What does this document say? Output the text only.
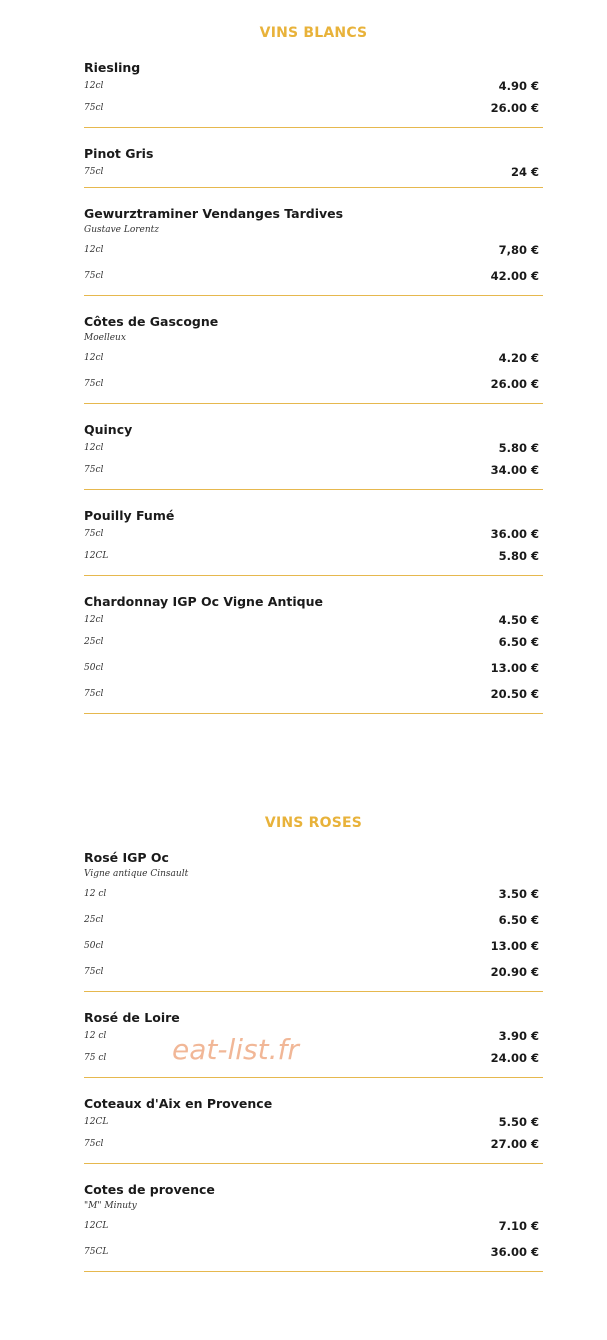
VINS BLANCS
Riesling
12cl	4.90 €
75cl	26.00 €
Pinot Gris
75cl	24 €
Gewurztraminer Vendanges Tardives
Gustave Lorentz
12cl	7,80 €
75cl	42.00 €
Côtes de Gascogne
Moelleux
12cl	4.20 €
75cl	26.00 €
Quincy
12cl	5.80 €
75cl	34.00 €
Pouilly Fumé
75cl	36.00 €
12CL	5.80 €
Chardonnay IGP Oc Vigne Antique
12cl	4.50 €
25cl	6.50 €
50cl	13.00 €
75cl	20.50 €
VINS ROSES
Rosé IGP Oc
Vigne antique Cinsault
12 cl	3.50 €
25cl	6.50 €
50cl	13.00 €
75cl	20.90 €
Rosé de Loire
12 cl	3.90 €
75 cl	24.00 €
Coteaux d'Aix en Provence
12CL	5.50 €
75cl	27.00 €
Cotes de provence
"M" Minuty
12CL	7.10 €
75CL	36.00 €
eat-list.fr
